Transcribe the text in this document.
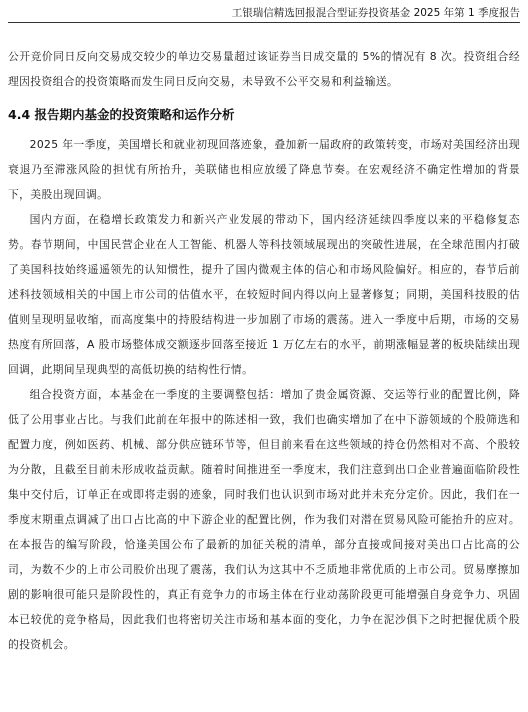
工银瑞信精选回报混合型证券投资基金 2025 年第 1 季度报告

公开竞价同日反向交易成交较少的单边交易量超过该证券当日成交量的 5%的情况有 8 次。投资组合经理因投资组合的投资策略而发生同日反向交易，未导致不公平交易和利益输送。

4.4 报告期内基金的投资策略和运作分析

2025 年一季度，美国增长和就业初现回落迹象，叠加新一届政府的政策转变，市场对美国经济出现衰退乃至滞涨风险的担忧有所抬升，美联储也相应放缓了降息节奏。在宏观经济不确定性增加的背景下，美股出现回调。

国内方面，在稳增长政策发力和新兴产业发展的带动下，国内经济延续四季度以来的平稳修复态势。春节期间，中国民营企业在人工智能、机器人等科技领域展现出的突破性进展，在全球范围内打破了美国科技始终遥遥领先的认知惯性，提升了国内微观主体的信心和市场风险偏好。相应的，春节后前述科技领域相关的中国上市公司的估值水平，在较短时间内得以向上显著修复；同期，美国科技股的估值则呈现明显收缩，而高度集中的持股结构进一步加剧了市场的震荡。进入一季度中后期，市场的交易热度有所回落，A 股市场整体成交额逐步回落至接近 1 万亿左右的水平，前期涨幅显著的板块陆续出现回调，此期间呈现典型的高低切换的结构性行情。

组合投资方面，本基金在一季度的主要调整包括：增加了贵金属资源、交运等行业的配置比例，降低了公用事业占比。与我们此前在年报中的陈述相一致，我们也确实增加了在中下游领域的个股筛选和配置力度，例如医药、机械、部分供应链环节等，但目前来看在这些领域的持仓仍然相对不高、个股较为分散，且截至目前未形成收益贡献。随着时间推进至一季度末，我们注意到出口企业普遍面临阶段性集中交付后，订单正在或即将走弱的迹象，同时我们也认识到市场对此并未充分定价。因此，我们在一季度末期重点调减了出口占比高的中下游企业的配置比例，作为我们对潜在贸易风险可能抬升的应对。在本报告的编写阶段，恰逢美国公布了最新的加征关税的清单，部分直接或间接对美出口占比高的公司，为数不少的上市公司股价出现了震荡，我们认为这其中不乏质地非常优质的上市公司。贸易摩擦加剧的影响很可能只是阶段性的，真正有竞争力的市场主体在行业动荡阶段更可能增强自身竞争力、巩固本已较优的竞争格局，因此我们也将密切关注市场和基本面的变化，力争在泥沙俱下之时把握优质个股的投资机会。
